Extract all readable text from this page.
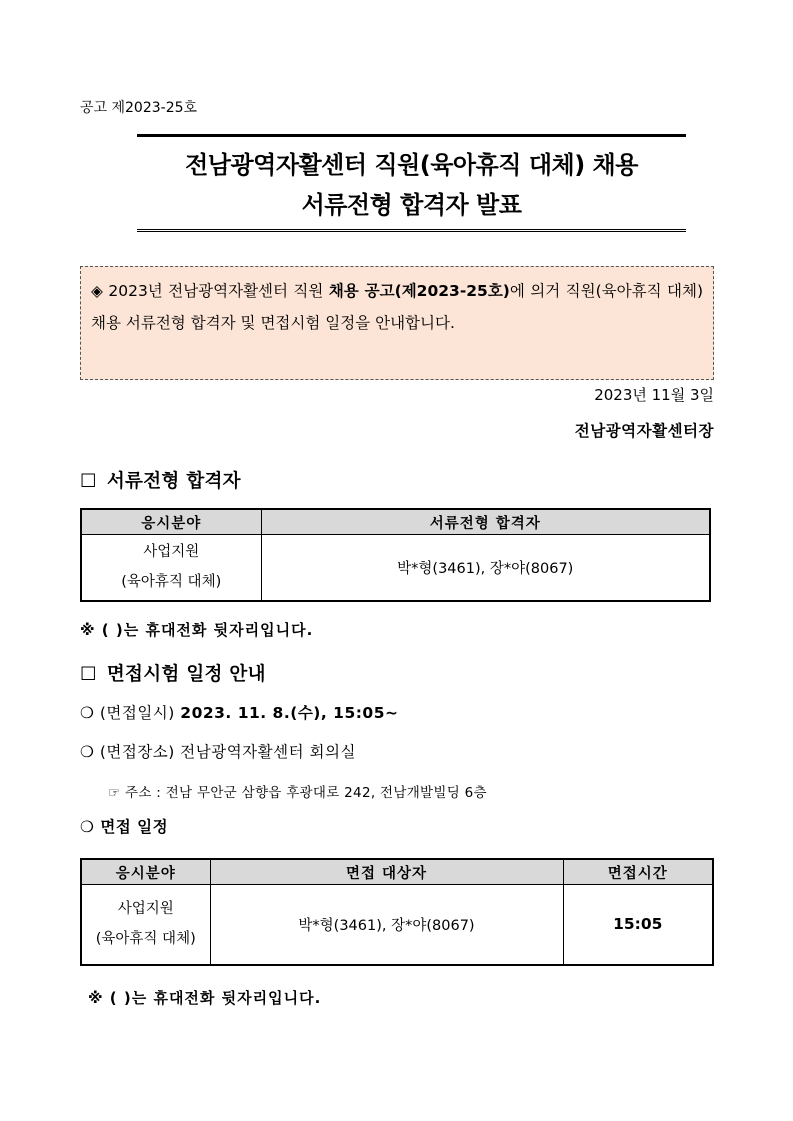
공고 제2023-25호
전남광역자활센터 직원(육아휴직 대체) 채용
서류전형 합격자 발표
◈ 2023년 전남광역자활센터 직원 채용 공고(제2023-25호)에 의거 직원(육아휴직 대체) 채용 서류전형 합격자 및 면접시험 일정을 안내합니다.
2023년 11월 3일
전남광역자활센터장
☐ 서류전형 합격자
응시분야	서류전형 합격자

사업지원
(육아휴직 대체)	박*형(3461), 장*야(8067)
※ ( )는 휴대전화 뒷자리입니다.
☐ 면접시험 일정 안내
❍ (면접일시) 2023. 11. 8.(수), 15:05~
❍ (면접장소) 전남광역자활센터 회의실
☞ 주소 : 전남 무안군 삼향읍 후광대로 242, 전남개발빌딩 6층
❍ 면접 일정
응시분야	면접 대상자	면접시간

사업지원
(육아휴직 대체)	박*형(3461), 장*야(8067)	15:05
※ ( )는 휴대전화 뒷자리입니다.
